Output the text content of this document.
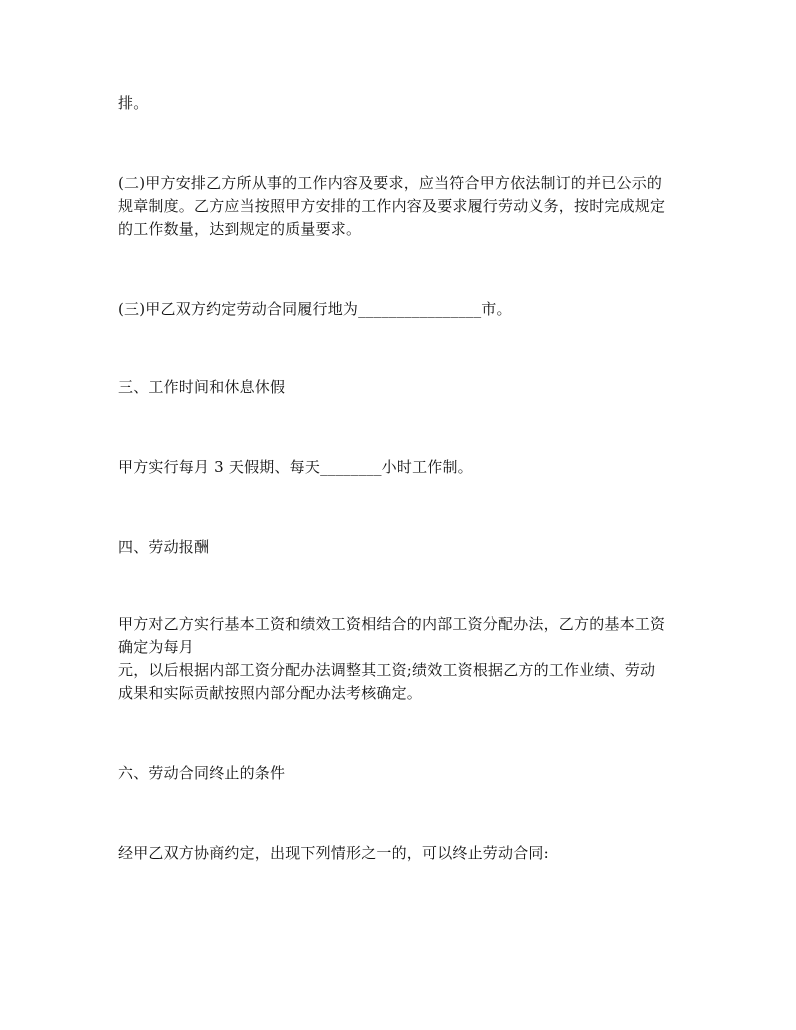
排。

(二)甲方安排乙方所从事的工作内容及要求，应当符合甲方依法制订的并已公示的

规章制度。乙方应当按照甲方安排的工作内容及要求履行劳动义务，按时完成规定

的工作数量，达到规定的质量要求。

(三)甲乙双方约定劳动合同履行地为________________市。

三、工作时间和休息休假

甲方实行每月 3 天假期、每天________小时工作制。

四、劳动报酬

甲方对乙方实行基本工资和绩效工资相结合的内部工资分配办法，乙方的基本工资

确定为每月

元，以后根据内部工资分配办法调整其工资;绩效工资根据乙方的工作业绩、劳动

成果和实际贡献按照内部分配办法考核确定。

六、劳动合同终止的条件

经甲乙双方协商约定，出现下列情形之一的，可以终止劳动合同:
